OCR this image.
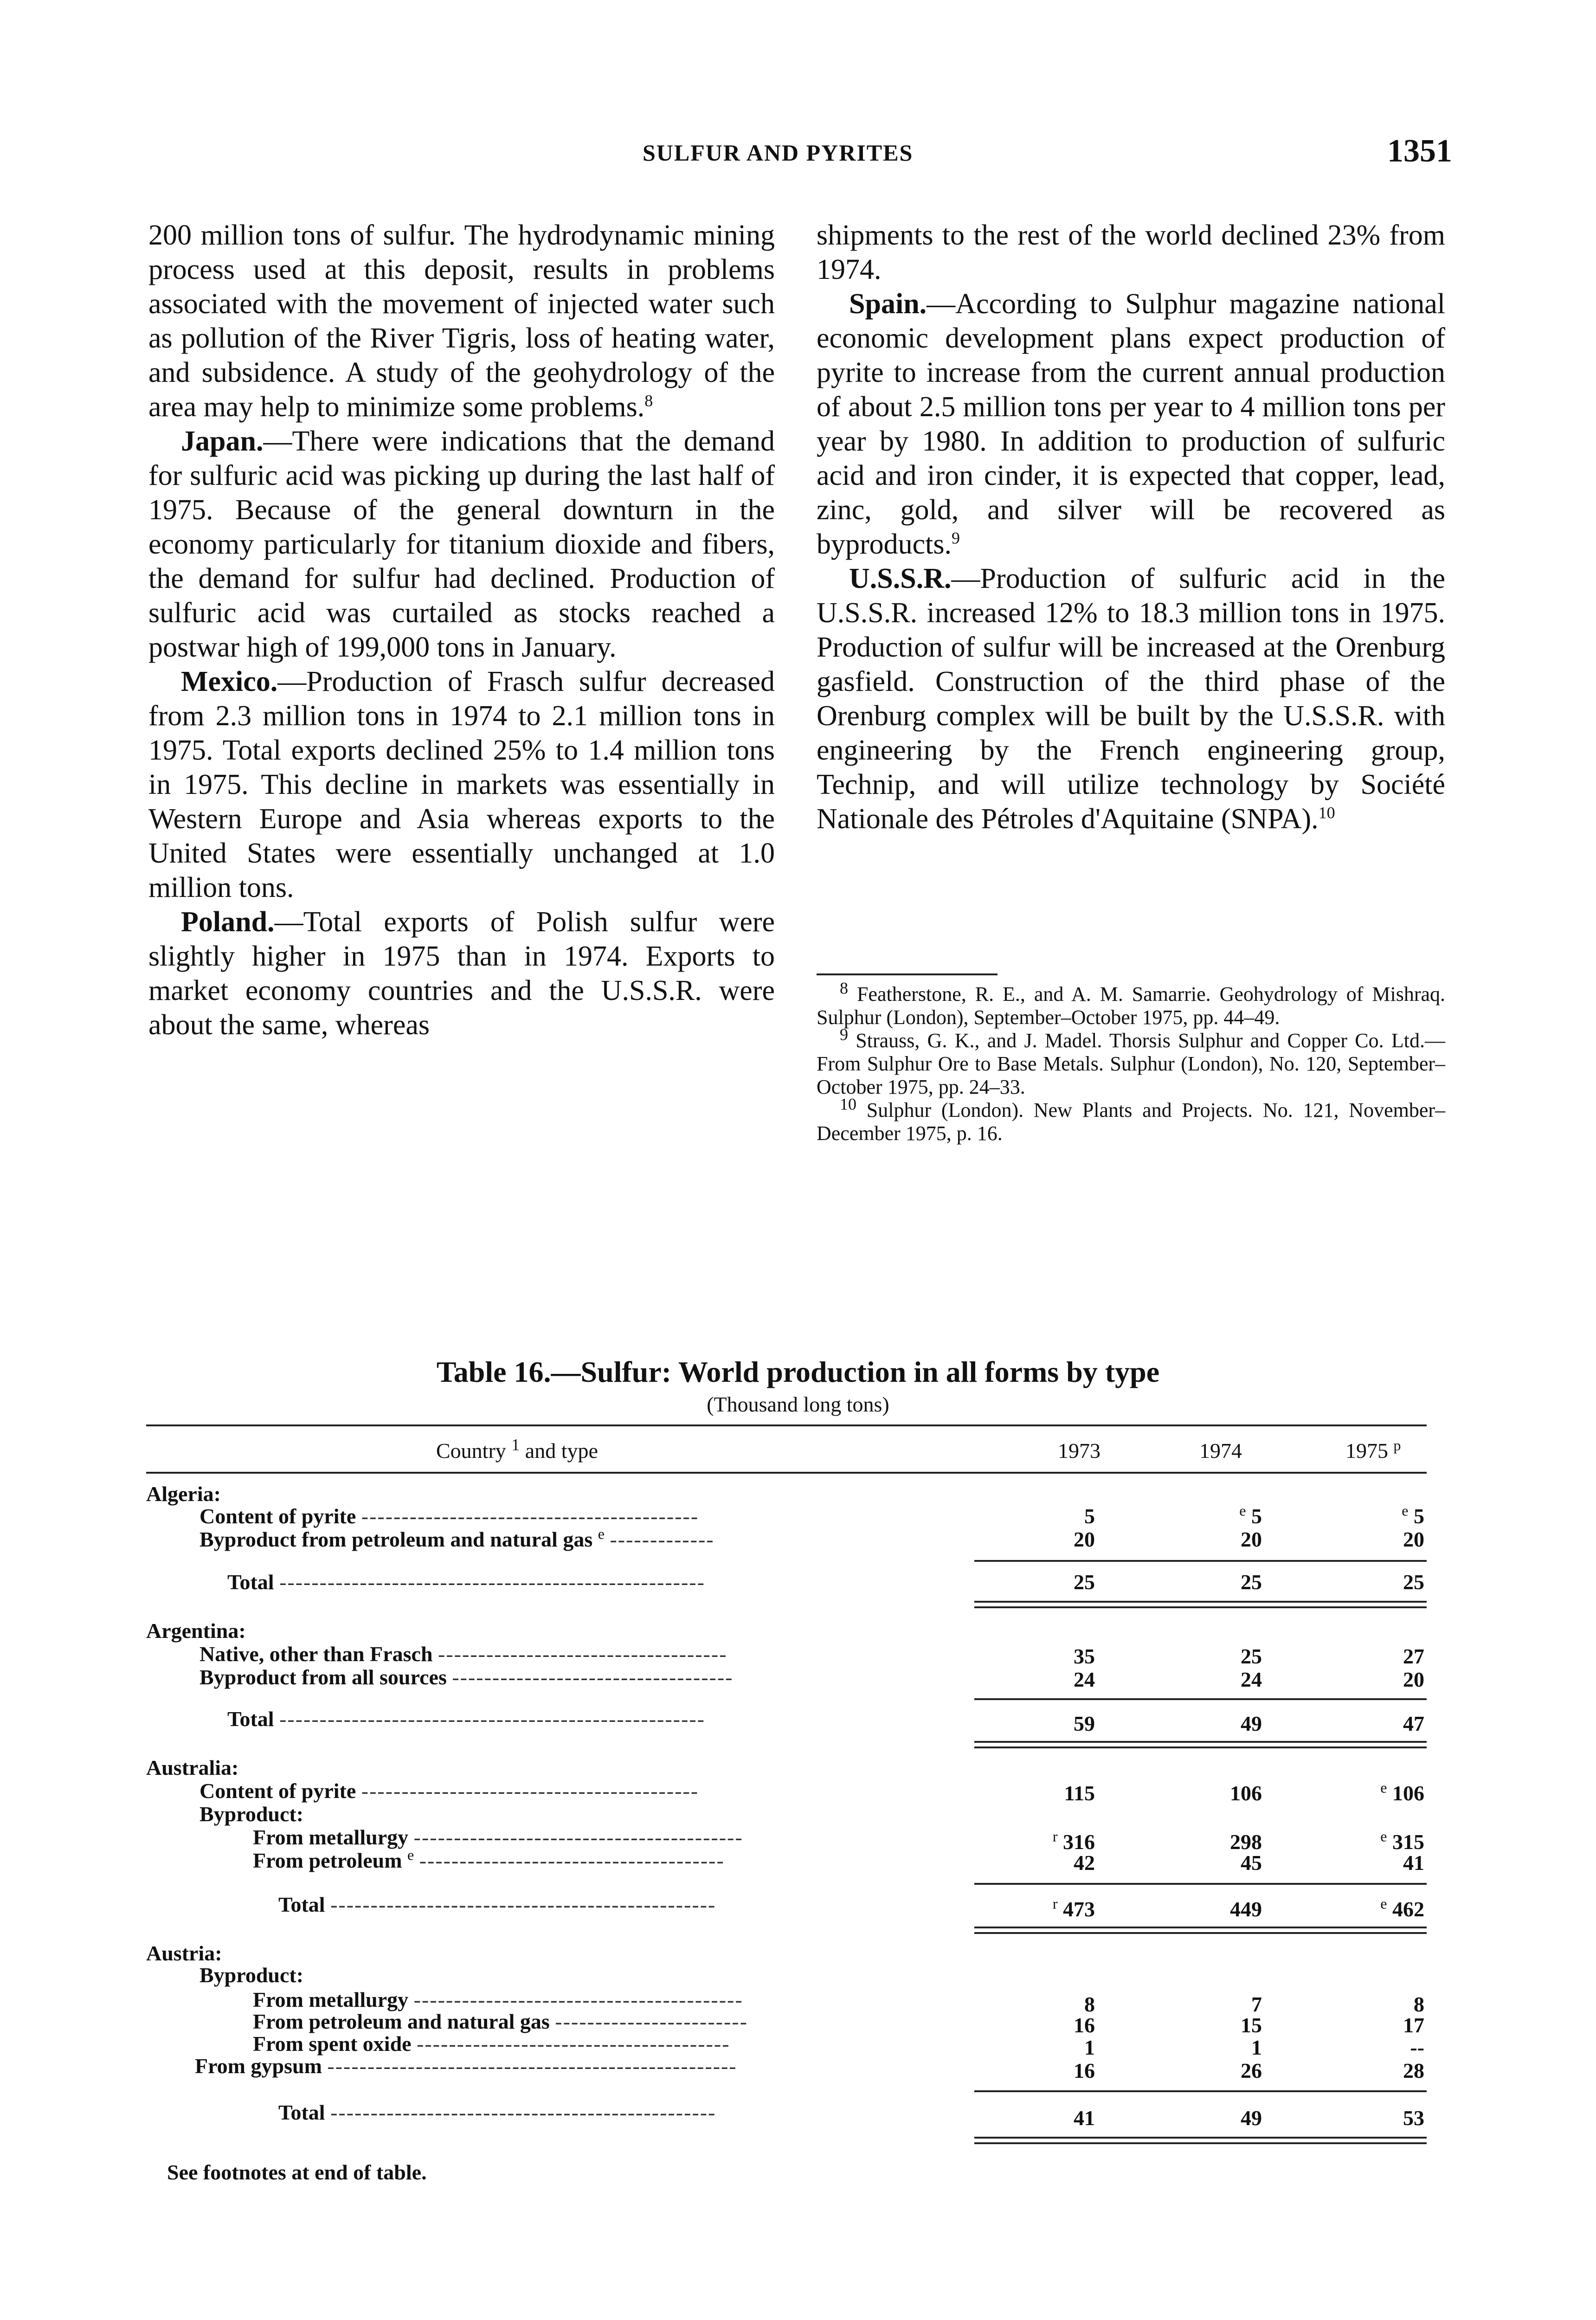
SULFUR AND PYRITES	1351

200 million tons of sulfur. The hydrodynamic mining process used at this deposit, results in problems associated with the movement of injected water such as pollution of the River Tigris, loss of heating water, and subsidence. A study of the geohydrology of the area may help to minimize some problems.$^8$

Japan.—There were indications that the demand for sulfuric acid was picking up during the last half of 1975. Because of the general downturn in the economy particularly for titanium dioxide and fibers, the demand for sulfur had declined. Production of sulfuric acid was curtailed as stocks reached a postwar high of 199,000 tons in January.

Mexico.—Production of Frasch sulfur decreased from 2.3 million tons in 1974 to 2.1 million tons in 1975. Total exports declined 25% to 1.4 million tons in 1975. This decline in markets was essentially in Western Europe and Asia whereas exports to the United States were essentially unchanged at 1.0 million tons.

Poland.—Total exports of Polish sulfur were slightly higher in 1975 than in 1974. Exports to market economy countries and the U.S.S.R. were about the same, whereas

shipments to the rest of the world declined 23% from 1974.

Spain.—According to Sulphur magazine national economic development plans expect production of pyrite to increase from the current annual production of about 2.5 million tons per year to 4 million tons per year by 1980. In addition to production of sulfuric acid and iron cinder, it is expected that copper, lead, zinc, gold, and silver will be recovered as byproducts.$^9$

U.S.S.R.—Production of sulfuric acid in the U.S.S.R. increased 12% to 18.3 million tons in 1975. Production of sulfur will be increased at the Orenburg gasfield. Construction of the third phase of the Orenburg complex will be built by the U.S.S.R. with engineering by the French engineering group, Technip, and will utilize technology by Société Nationale des Pétroles d'Aquitaine (SNPA).$^{10}$

$^8$ Featherstone, R. E., and A. M. Samarrie. Geohydrology of Mishraq. Sulphur (London), September–October 1975, pp. 44–49.

$^9$ Strauss, G. K., and J. Madel. Thorsis Sulphur and Copper Co. Ltd.—From Sulphur Ore to Base Metals. Sulphur (London), No. 120, September–October 1975, pp. 24–33.

$^{10}$ Sulphur (London). New Plants and Projects. No. 121, November–December 1975, p. 16.

Table 16.—Sulfur: World production in all forms by type
(Thousand long tons)
Country $^1$ and type	1973	1974	1975 $^p$
Algeria:
Content of pyrite ------------------------------------------	5	$^e$ 5	$^e$ 5
Byproduct from petroleum and natural gas $^e$ -------------	20	20	20
Total -----------------------------------------------------	25	25	25
Argentina:
Native, other than Frasch ------------------------------------	35	25	27
Byproduct from all sources -----------------------------------	24	24	20
Total -----------------------------------------------------	59	49	47
Australia:
Content of pyrite ------------------------------------------	115	106	$^e$ 106
Byproduct:
From metallurgy -----------------------------------------	$^r$ 316	298	$^e$ 315
From petroleum $^e$ --------------------------------------	42	45	41
Total ------------------------------------------------	$^r$ 473	449	$^e$ 462
Austria:
Byproduct:
From metallurgy -----------------------------------------	8	7	8
From petroleum and natural gas ------------------------	16	15	17
From spent oxide ---------------------------------------	1	1	--
From gypsum ---------------------------------------------------	16	26	28
Total ------------------------------------------------	41	49	53
See footnotes at end of table.
